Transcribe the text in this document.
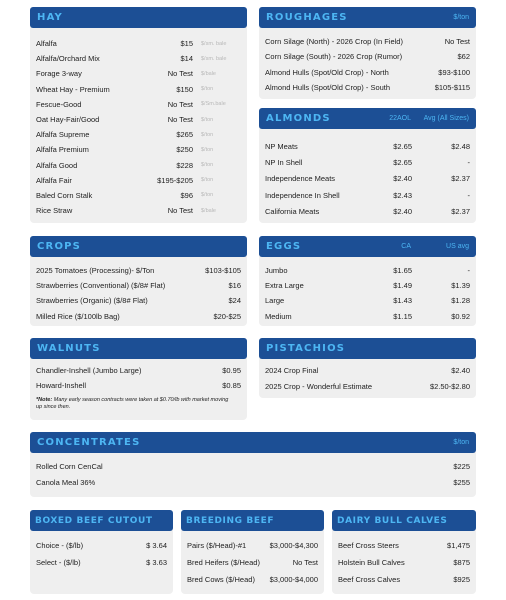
HAY
Alfalfa	$15	$/sm. bale
Alfalfa/Orchard Mix	$14	$/sm. bale
Forage 3-way	No Test	$/bale
Wheat Hay - Premium	$150	$/ton
Fescue-Good	No Test	$/Sm.bale
Oat Hay-Fair/Good	No Test	$/ton
Alfalfa Supreme	$265	$/ton
Alfalfa Premium	$250	$/ton
Alfalfa Good	$228	$/ton
Alfalfa Fair	$195-$205	$/ton
Baled Corn Stalk	$96	$/ton
Rice Straw	No Test	$/bale
ROUGHAGES	$/ton
Corn Silage (North) - 2026 Crop (In Field)	No Test
Corn Silage (South) - 2026 Crop (Rumor)	$62
Almond Hulls (Spot/Old Crop) - North	$93-$100
Almond Hulls (Spot/Old Crop) - South	$105-$115
ALMONDS	22AOL	Avg (All Sizes)
NP Meats	$2.65	$2.48
NP In Shell	$2.65	-
Independence Meats	$2.40	$2.37
Independence In Shell	$2.43	-
California Meats	$2.40	$2.37
CROPS
2025 Tomatoes (Processing)- $/Ton	$103-$105
Strawberries (Conventional) ($/8# Flat)	$16
Strawberries (Organic) ($/8# Flat)	$24
Milled Rice ($/100lb Bag)	$20-$25
EGGS	CA	US avg
Jumbo	$1.65	-
Extra Large	$1.49	$1.39
Large	$1.43	$1.28
Medium	$1.15	$0.92
WALNUTS
Chandler-Inshell (Jumbo Large)	$0.95
Howard-Inshell	$0.85
*Note: Many early season contracts were taken at $0.70/lb with market moving up since then.
PISTACHIOS
2024 Crop Final	$2.40
2025 Crop - Wonderful Estimate	$2.50-$2.80
CONCENTRATES	$/ton
Rolled Corn CenCal	$225
Canola Meal 36%	$255
BOXED BEEF CUTOUT
Choice - ($/lb)	$ 3.64
Select - ($/lb)	$ 3.63
BREEDING BEEF
Pairs ($/Head)-#1	$3,000-$4,300
Bred Heifers ($/Head)	No Test
Bred Cows ($/Head)	$3,000-$4,000
DAIRY BULL CALVES
Beef Cross Steers	$1,475
Holstein Bull Calves	$875
Beef Cross Calves	$925
